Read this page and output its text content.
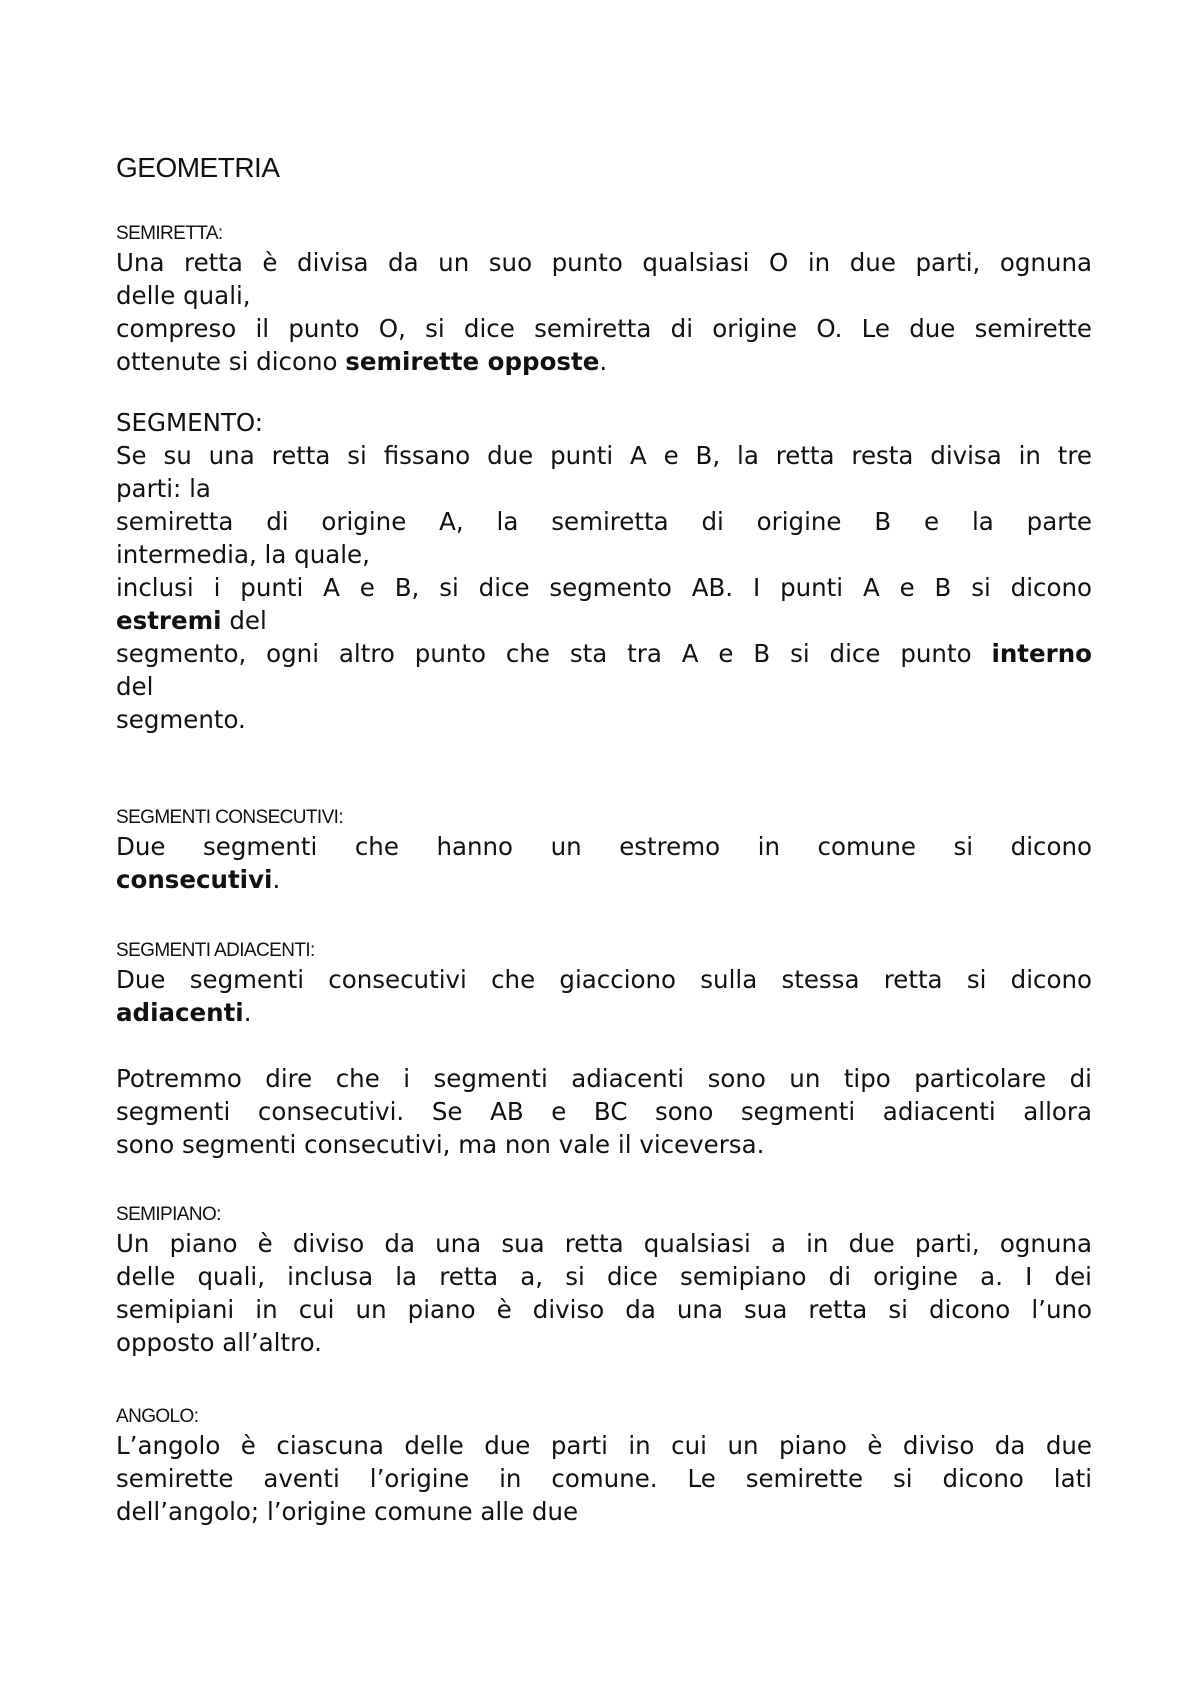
GEOMETRIA
SEMIRETTA:
Una retta è divisa da un suo punto qualsiasi O in due parti, ognuna
delle quali,
compreso il punto O, si dice semiretta di origine O. Le due semirette
ottenute si dicono semirette opposte.
SEGMENTO:
Se su una retta si fissano due punti A e B, la retta resta divisa in tre
parti: la
semiretta di origine A, la semiretta di origine B e la parte
intermedia, la quale,
inclusi i punti A e B, si dice segmento AB. I punti A e B si dicono
estremi del
segmento, ogni altro punto che sta tra A e B si dice punto interno
del
segmento.
SEGMENTI CONSECUTIVI:
Due segmenti che hanno un estremo in comune si dicono
consecutivi.
SEGMENTI ADIACENTI:
Due segmenti consecutivi che giacciono sulla stessa retta si dicono
adiacenti.
Potremmo dire che i segmenti adiacenti sono un tipo particolare di
segmenti consecutivi. Se AB e BC sono segmenti adiacenti allora
sono segmenti consecutivi, ma non vale il viceversa.
SEMIPIANO:
Un piano è diviso da una sua retta qualsiasi a in due parti, ognuna
delle quali, inclusa la retta a, si dice semipiano di origine a. I dei
semipiani in cui un piano è diviso da una sua retta si dicono l’uno
opposto all’altro.
ANGOLO:
L’angolo è ciascuna delle due parti in cui un piano è diviso da due
semirette aventi l’origine in comune. Le semirette si dicono lati
dell’angolo; l’origine comune alle due
